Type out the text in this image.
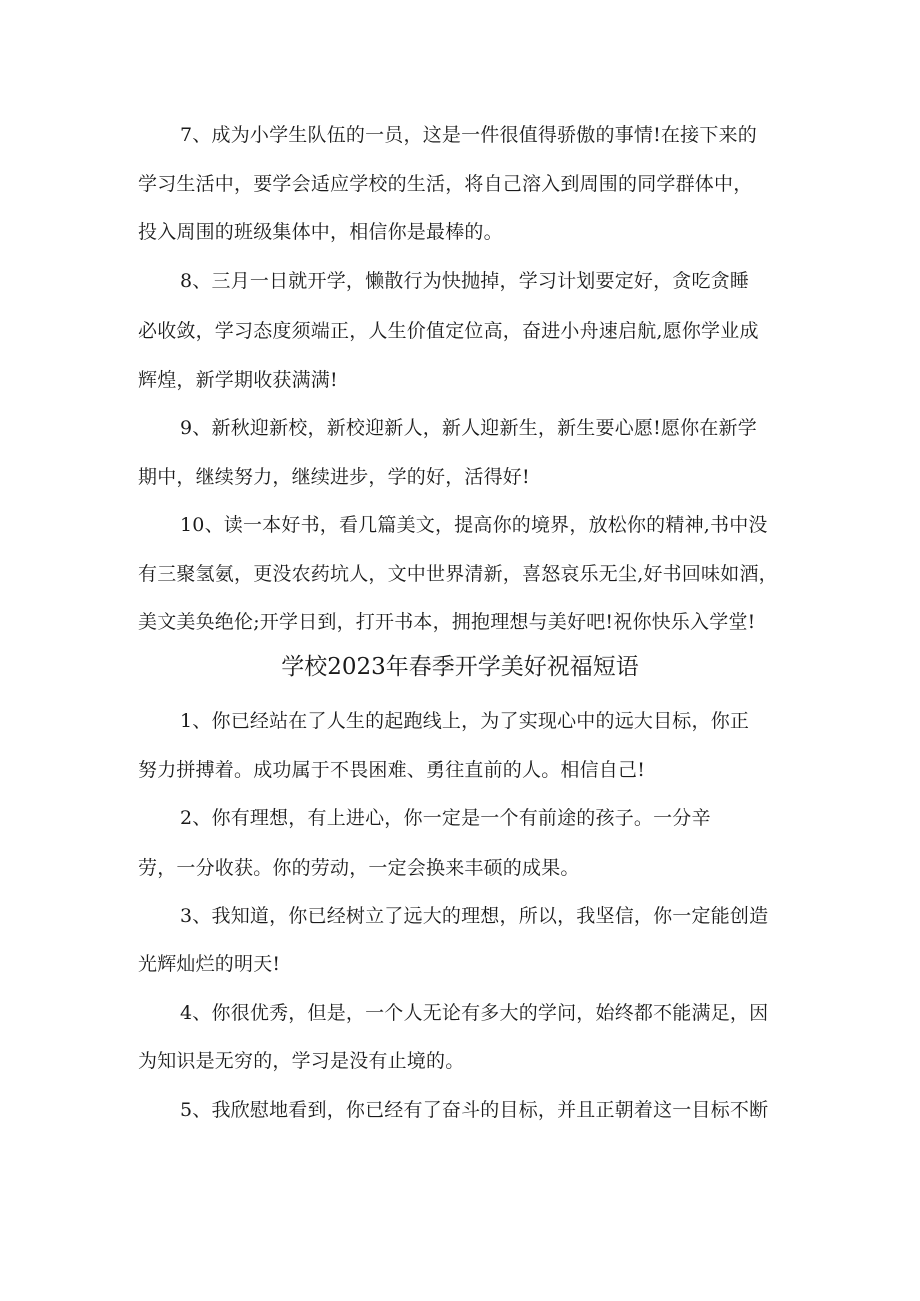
7、成为小学生队伍的一员，这是一件很值得骄傲的事情!在接下来的
学习生活中，要学会适应学校的生活，将自己溶入到周围的同学群体中，
投入周围的班级集体中，相信你是最棒的。
8、三月一日就开学，懒散行为快抛掉，学习计划要定好，贪吃贪睡
必收敛，学习态度须端正，人生价值定位高，奋进小舟速启航,愿你学业成
辉煌，新学期收获满满!
9、新秋迎新校，新校迎新人，新人迎新生，新生要心愿!愿你在新学
期中，继续努力，继续进步，学的好，活得好!
10、读一本好书，看几篇美文，提高你的境界，放松你的精神,书中没
有三聚氢氨，更没农药坑人，文中世界清新，喜怒哀乐无尘,好书回味如酒，
美文美奂绝伦;开学日到，打开书本，拥抱理想与美好吧!祝你快乐入学堂!
学校2023年春季开学美好祝福短语
1、你已经站在了人生的起跑线上，为了实现心中的远大目标，你正
努力拼搏着。成功属于不畏困难、勇往直前的人。相信自己!
2、你有理想，有上进心，你一定是一个有前途的孩子。一分辛
劳，一分收获。你的劳动，一定会换来丰硕的成果。
3、我知道，你已经树立了远大的理想，所以，我坚信，你一定能创造
光辉灿烂的明天!
4、你很优秀，但是，一个人无论有多大的学问，始终都不能满足，因
为知识是无穷的，学习是没有止境的。
5、我欣慰地看到，你已经有了奋斗的目标，并且正朝着这一目标不断
